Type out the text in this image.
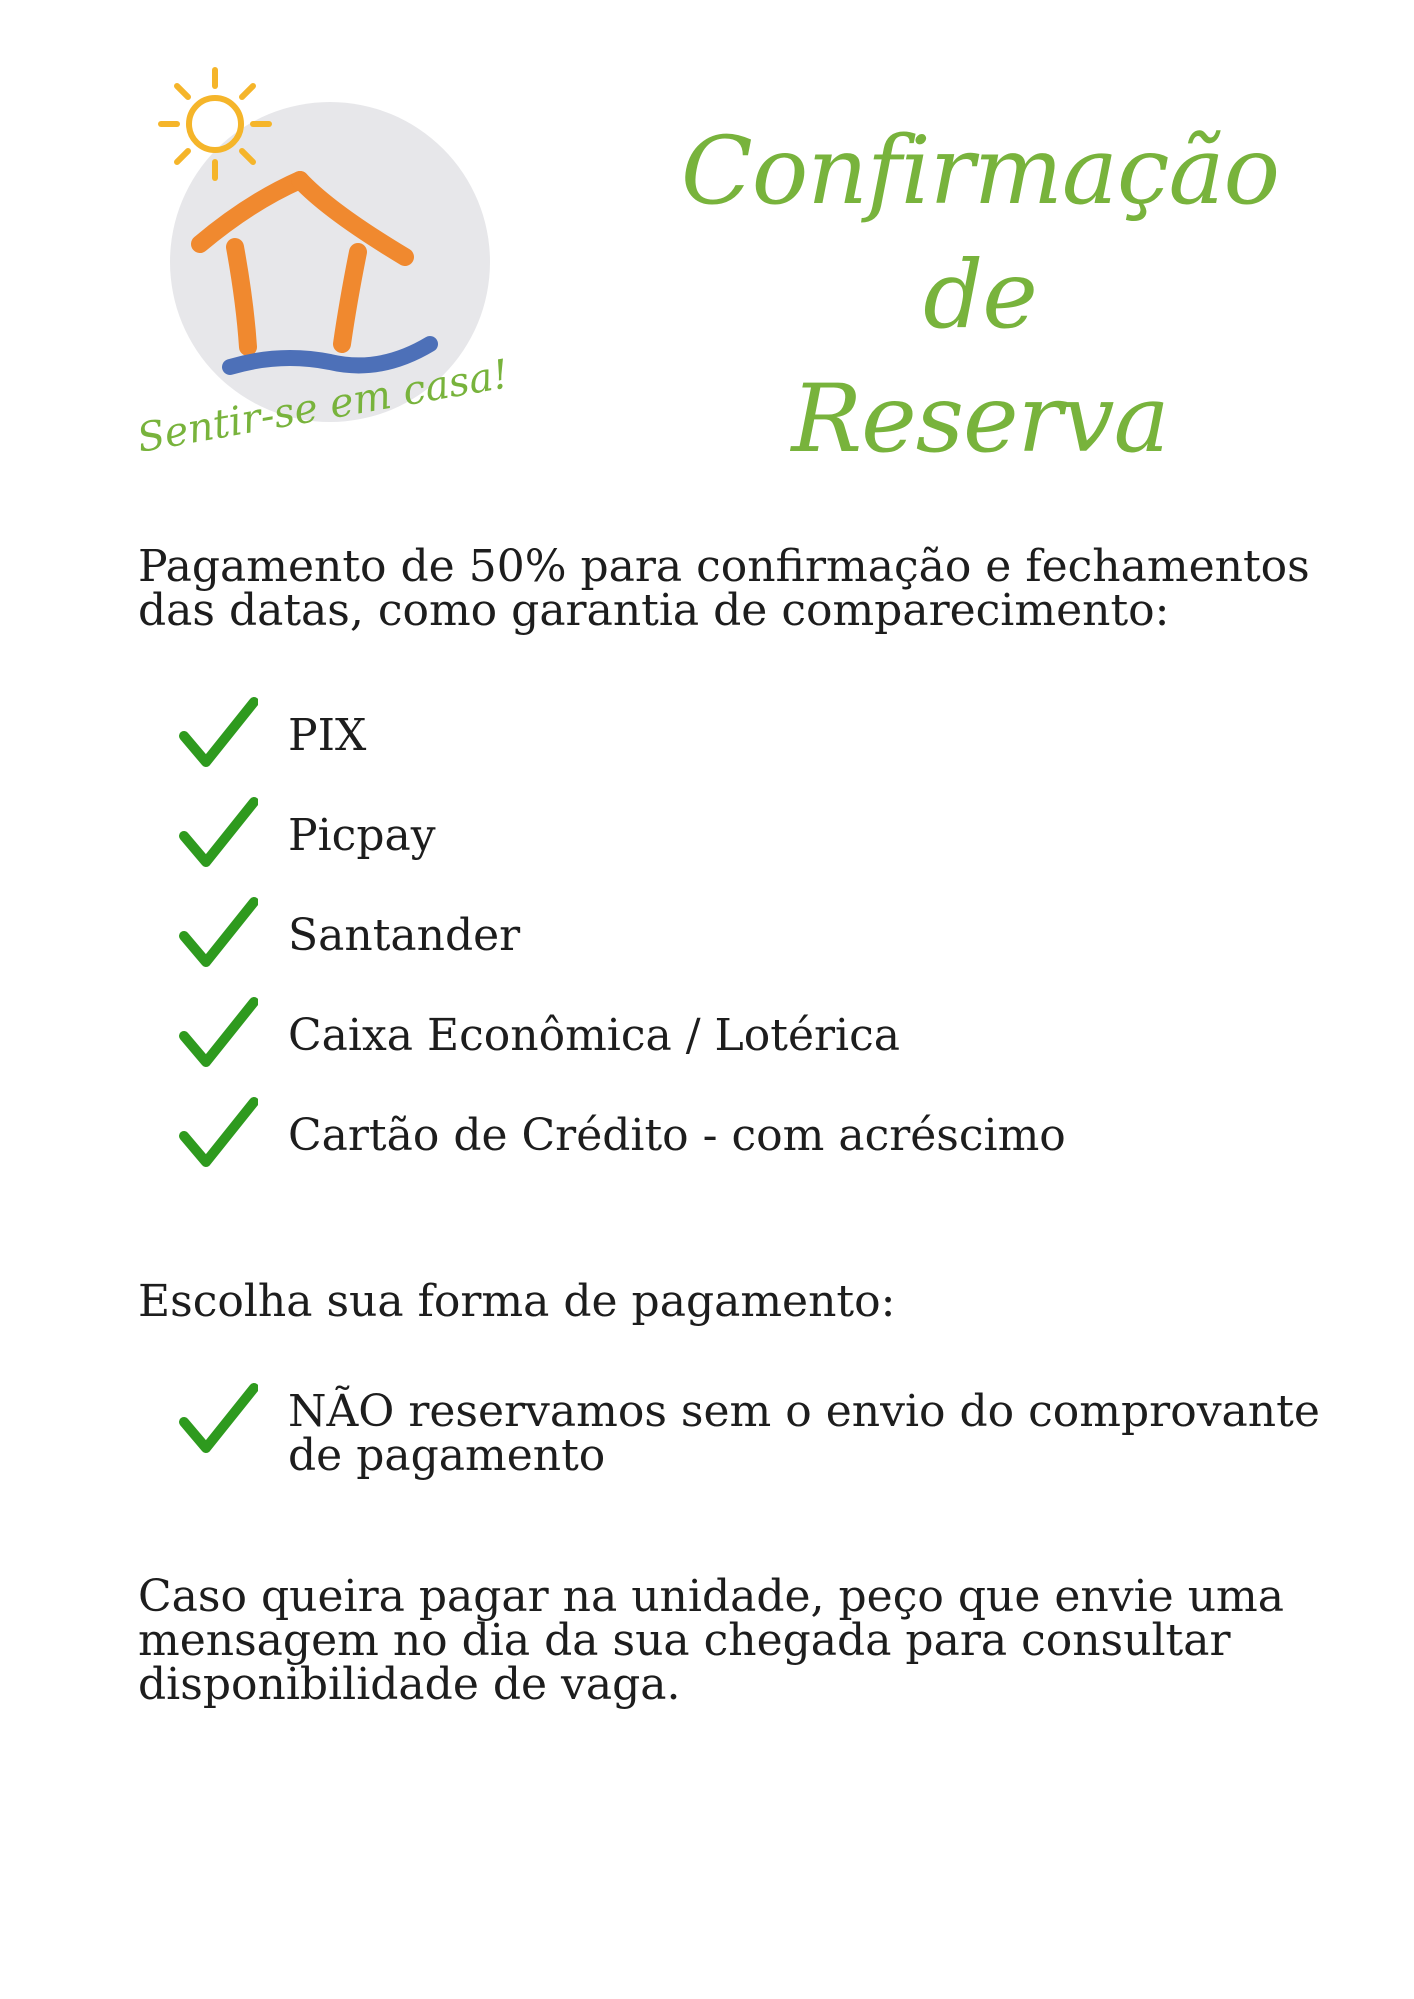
Sentir-se em casa!
Confirmação de
Reserva
Pagamento de 50% para confirmação e fechamentos das datas, como garantia de comparecimento:
PIX
Picpay
Santander
Caixa Econômica / Lotérica
Cartão de Crédito - com acréscimo
Escolha sua forma de pagamento:
NÃO reservamos sem o envio do comprovante de pagamento
Caso queira pagar na unidade, peço que envie uma mensagem no dia da sua chegada para consultar disponibilidade de vaga.
